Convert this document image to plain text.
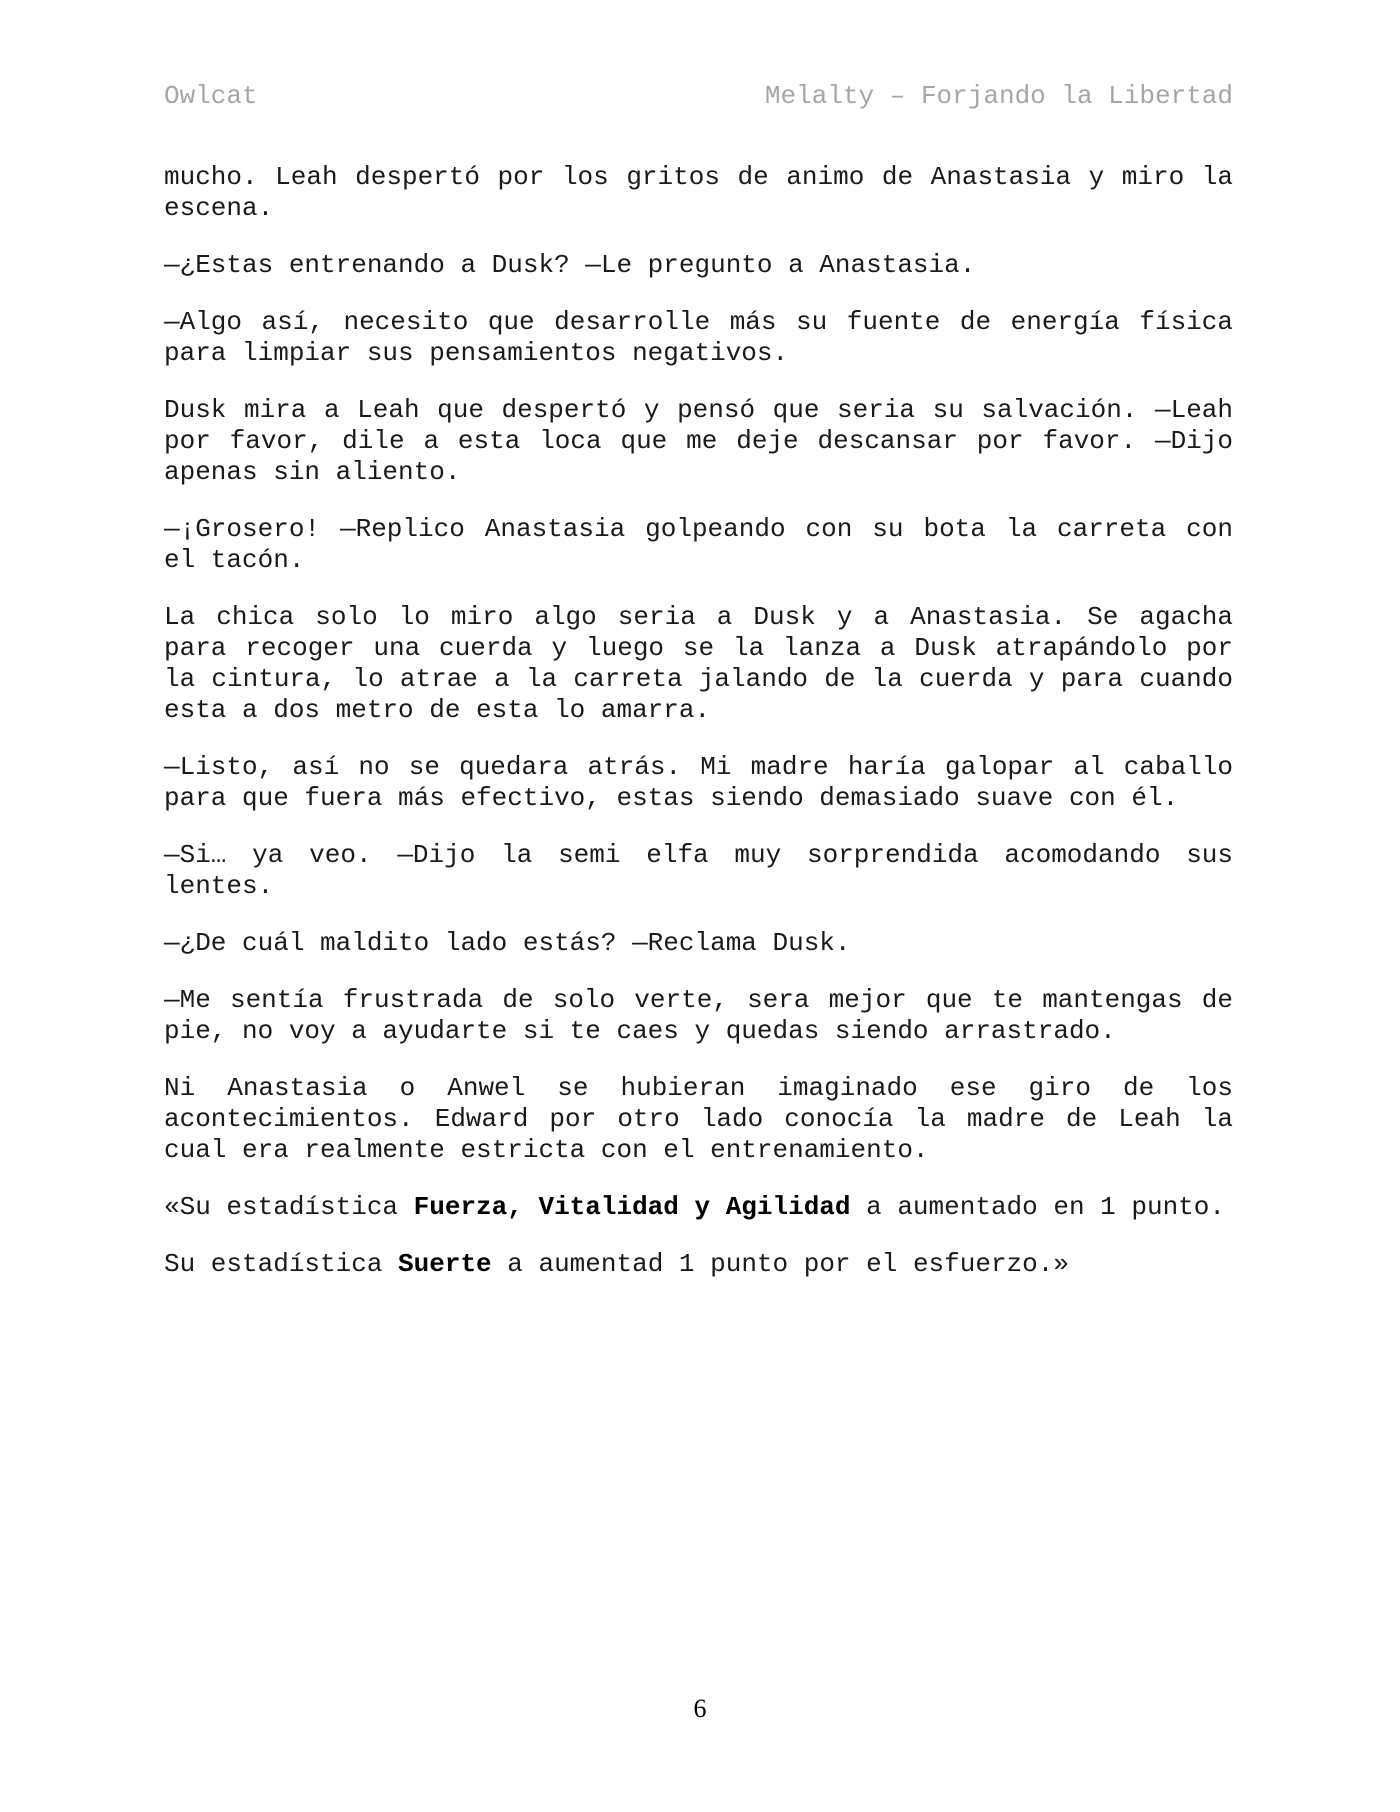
Owlcat	Melalty – Forjando la Libertad

mucho. Leah despertó por los gritos de animo de Anastasia y miro la escena.

—¿Estas entrenando a Dusk? —Le pregunto a Anastasia.

—Algo así, necesito que desarrolle más su fuente de energía física para limpiar sus pensamientos negativos.

Dusk mira a Leah que despertó y pensó que seria su salvación. —Leah por favor, dile a esta loca que me deje descansar por favor. —Dijo apenas sin aliento.

—¡Grosero! —Replico Anastasia golpeando con su bota la carreta con el tacón.

La chica solo lo miro algo seria a Dusk y a Anastasia. Se agacha para recoger una cuerda y luego se la lanza a Dusk atrapándolo por la cintura, lo atrae a la carreta jalando de la cuerda y para cuando esta a dos metro de esta lo amarra.

—Listo, así no se quedara atrás. Mi madre haría galopar al caballo para que fuera más efectivo, estas siendo demasiado suave con él.

—Si… ya veo. —Dijo la semi elfa muy sorprendida acomodando sus lentes.

—¿De cuál maldito lado estás? —Reclama Dusk.

—Me sentía frustrada de solo verte, sera mejor que te mantengas de pie, no voy a ayudarte si te caes y quedas siendo arrastrado.

Ni Anastasia o Anwel se hubieran imaginado ese giro de los acontecimientos. Edward por otro lado conocía la madre de Leah la cual era realmente estricta con el entrenamiento.

«Su estadística Fuerza, Vitalidad y Agilidad a aumentado en 1 punto.

Su estadística Suerte a aumentad 1 punto por el esfuerzo.»

6
